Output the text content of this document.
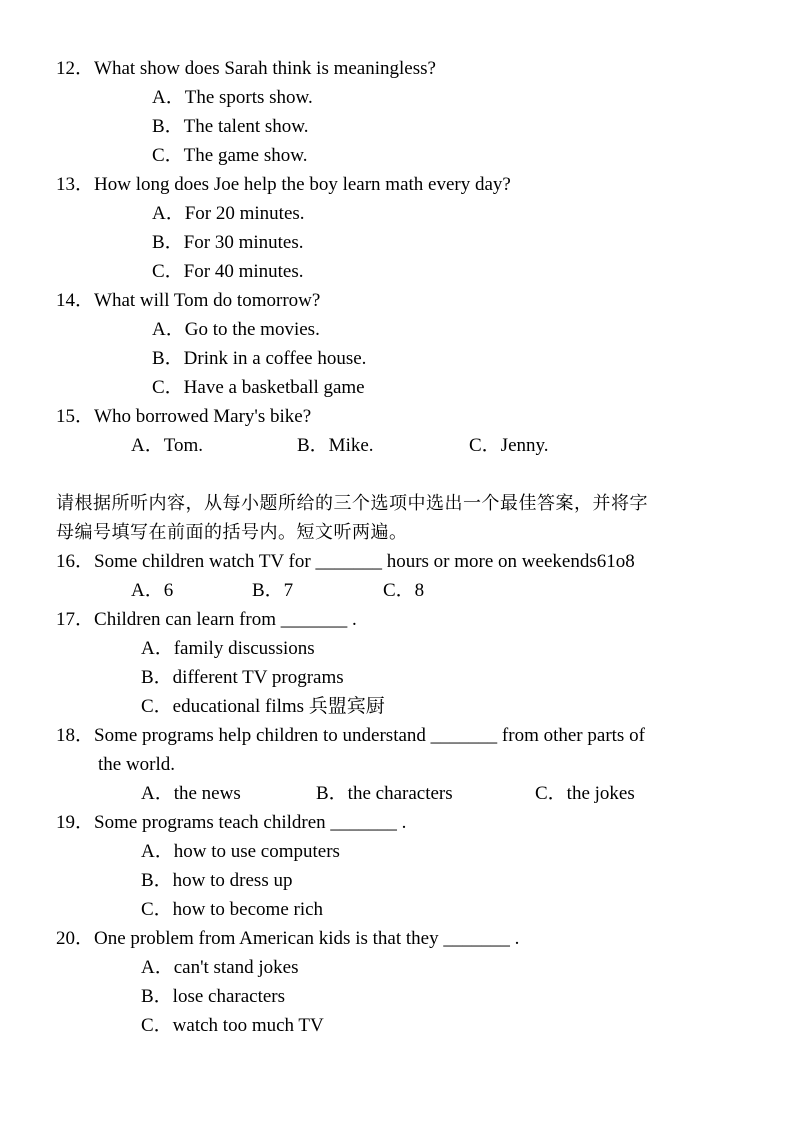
12．What show does Sarah think is meaningless?
A．The sports show.
B．The talent show.
C．The game show.
13．How long does Joe help the boy learn math every day?
A．For 20 minutes.
B．For 30 minutes.
C．For 40 minutes.
14．What will Tom do tomorrow?
A．Go to the movies.
B．Drink in a coffee house.
C．Have a basketball game
15．Who borrowed Mary's bike?
A．Tom.	B．Mike.	C．Jenny.
请根据所听内容，从每小题所给的三个选项中选出一个最佳答案，并将字
母编号填写在前面的括号内。短文听两遍。
16．Some children watch TV for _______ hours or more on weekends61o8
A．6	B．7	C．8
17．Children can learn from _______ .
A．family discussions
B．different TV programs
C．educational films 兵盟宾厨
18．Some programs help children to understand _______ from other parts of
the world.
A．the news	B．the characters	C．the jokes
19．Some programs teach children _______ .
A．how to use computers
B．how to dress up
C．how to become rich
20．One problem from American kids is that they _______ .
A．can't stand jokes
B．lose characters
C．watch too much TV
